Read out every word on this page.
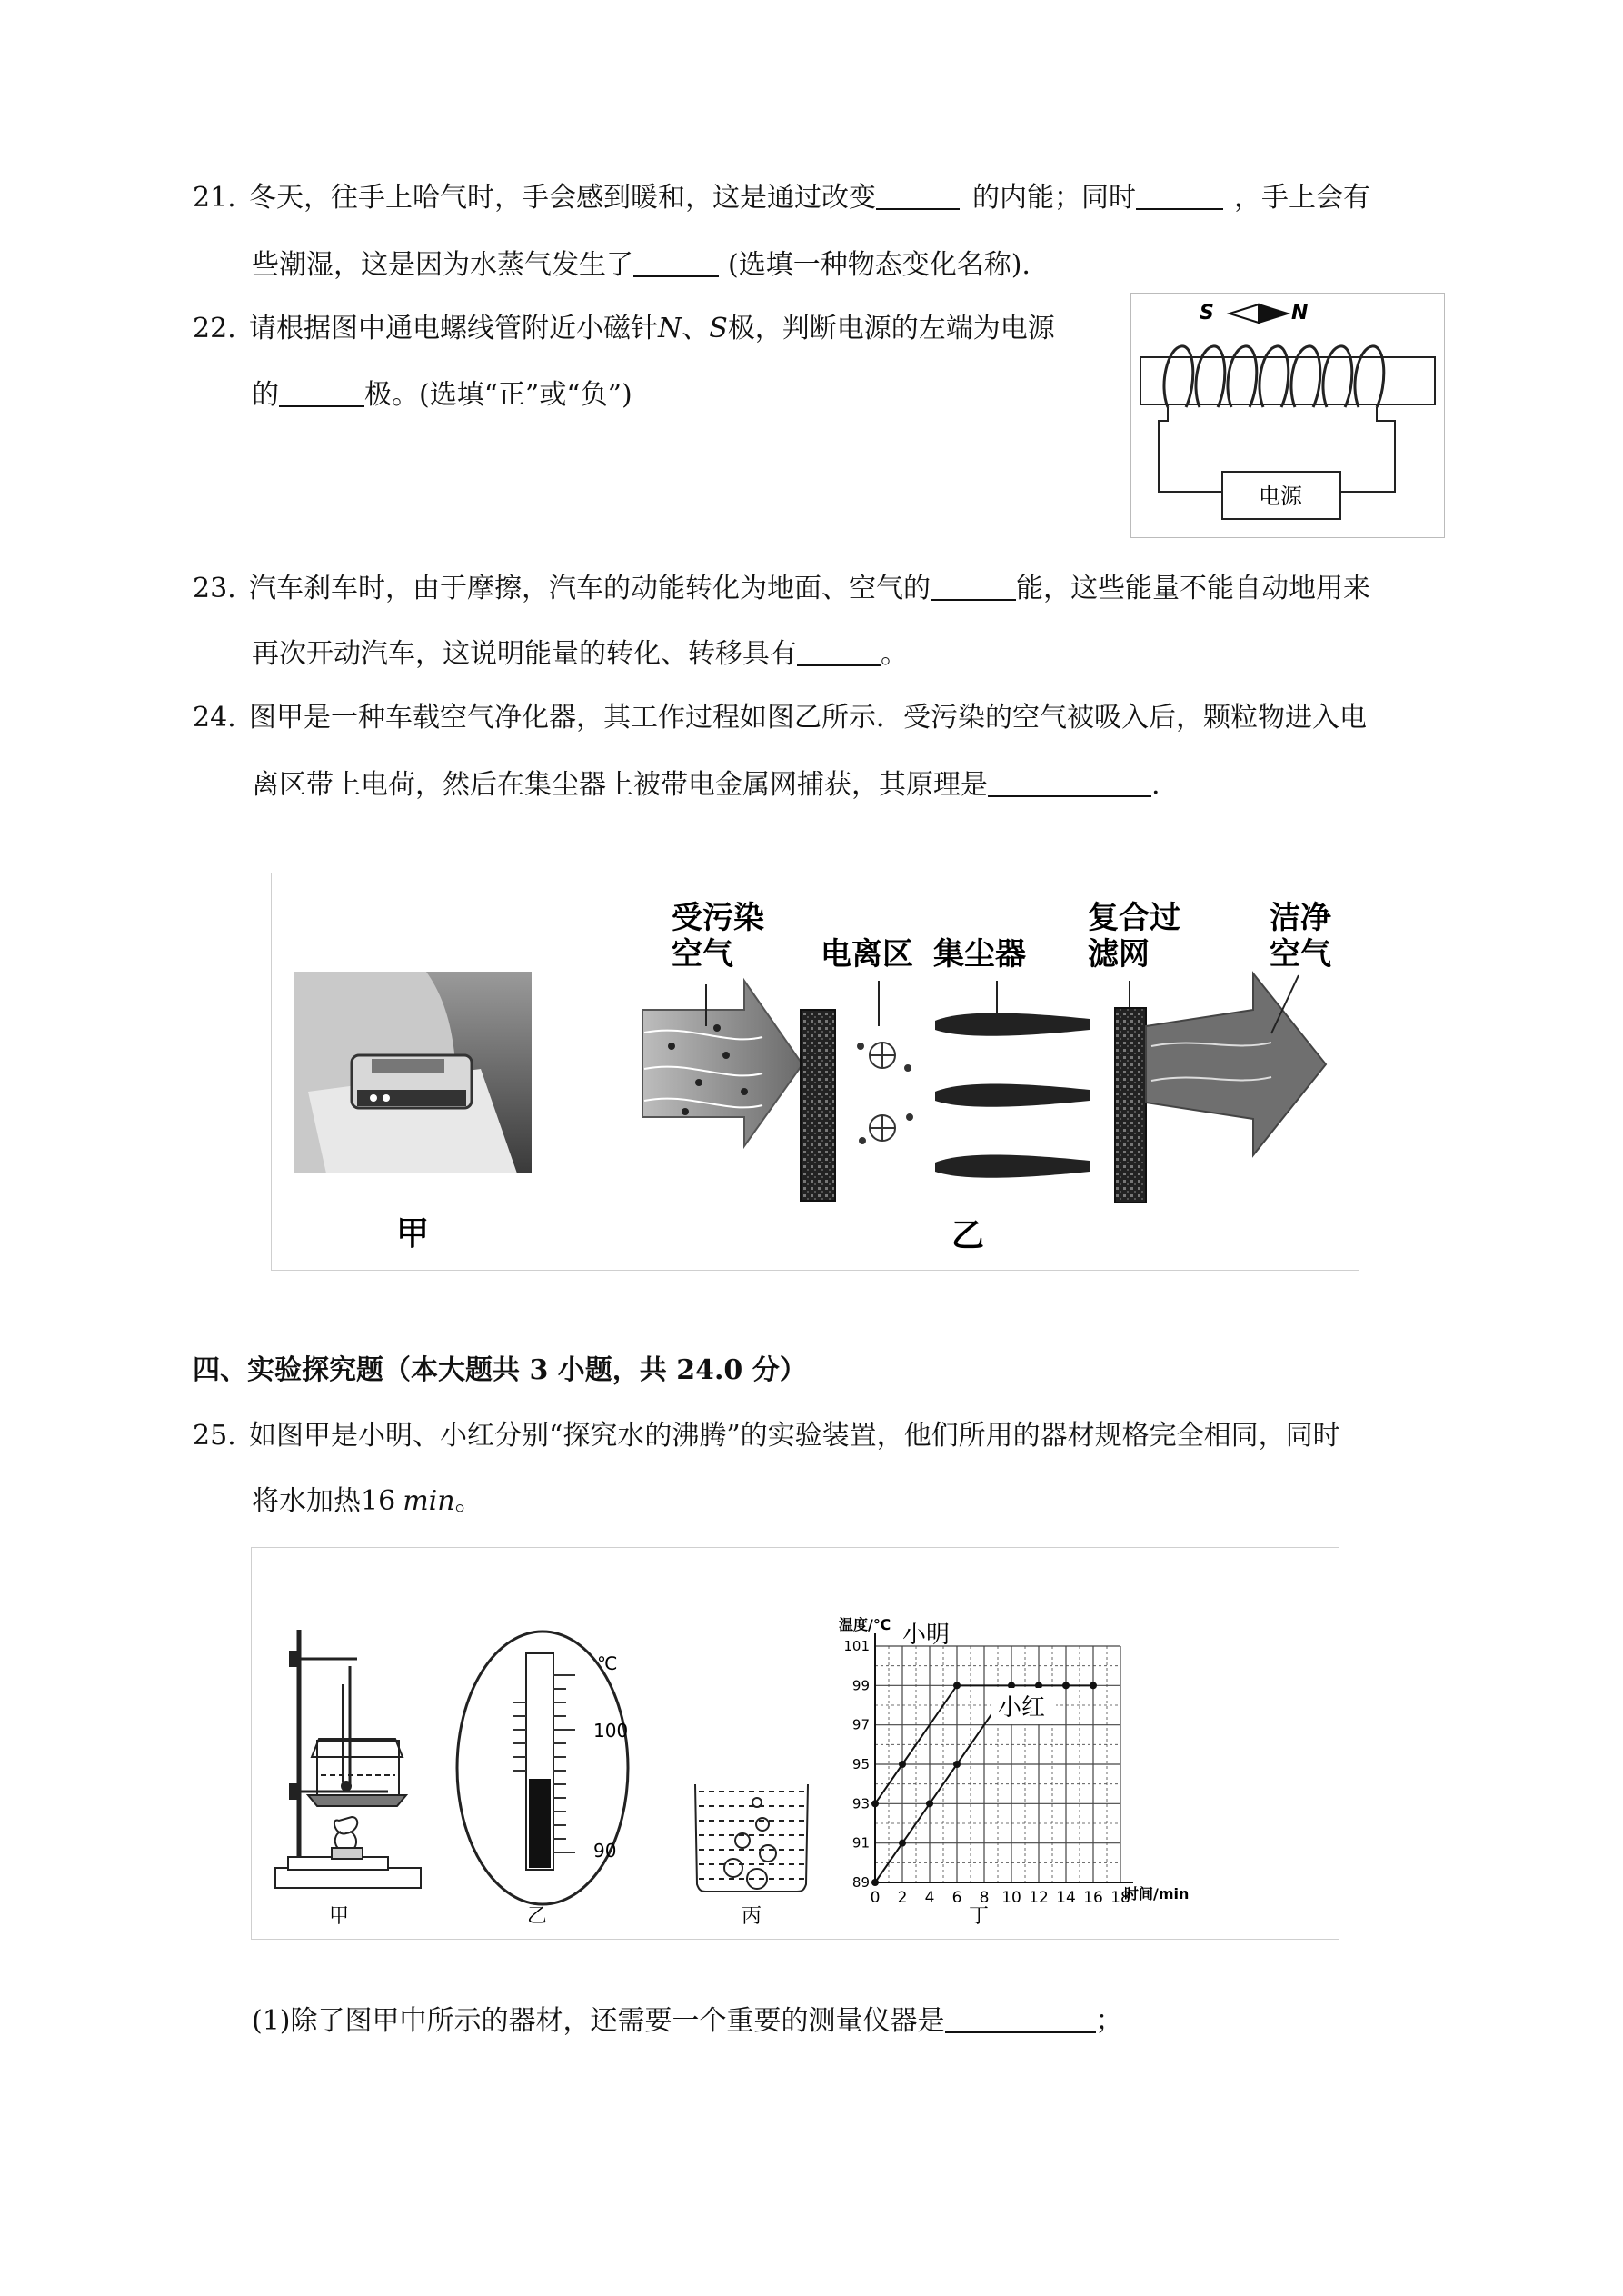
21. 冬天，往手上哈气时，手会感到暖和，这是通过改变	的内能；同时	，手上会有
些潮湿，这是因为水蒸气发生了	(选填一种物态变化名称).
22. 请根据图中通电螺线管附近小磁针N、S极，判断电源的左端为电源
的	极。(选填“正”或“负”)
S	N
电源
23. 汽车刹车时，由于摩擦，汽车的动能转化为地面、空气的	能，这些能量不能自动地用来
再次开动汽车，这说明能量的转化、转移具有	。
24. 图甲是一种车载空气净化器，其工作过程如图乙所示．受污染的空气被吸入后，颗粒物进入电
离区带上电荷，然后在集尘器上被带电金属网捕获，其原理是	.
甲
受污染
空气	电离区 集尘器
复合过
滤网
洁净
空气
乙
四、实验探究题（本大题共 3 小题，共 24.0 分）
25. 如图甲是小明、小红分别“探究水的沸腾”的实验装置，他们所用的器材规格完全相同，同时
将水加热16 min。
甲
℃
100
90
乙	丙
0 2 4 6 8 10 12 14 16 18
89
91
93
95
97
99
101
温度/℃
时间/min
小明
小红
丁
(1)除了图甲中所示的器材，还需要一个重要的测量仪器是	；
